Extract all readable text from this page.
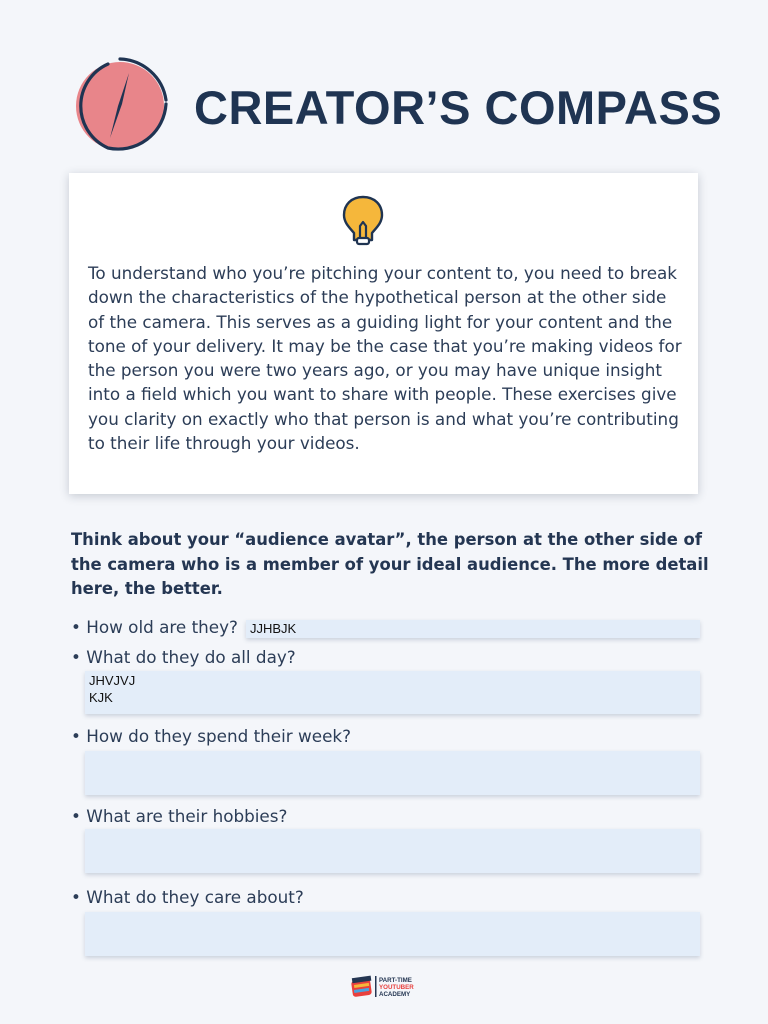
CREATOR’S COMPASS

To understand who you’re pitching your content to, you need to break down the characteristics of the hypothetical person at the other side of the camera. This serves as a guiding light for your content and the tone of your delivery. It may be the case that you’re making videos for the person you were two years ago, or you may have unique insight into a field which you want to share with people. These exercises give you clarity on exactly who that person is and what you’re contributing to their life through your videos.

Think about your “audience avatar”, the person at the other side of the camera who is a member of your ideal audience. The more detail here, the better.

• How old are they? JJHBJK

• What do they do all day?

JHVJVJ
KJK

• How do they spend their week?

• What are their hobbies?

• What do they care about?

PART-TIME
YOUTUBER
ACADEMY
